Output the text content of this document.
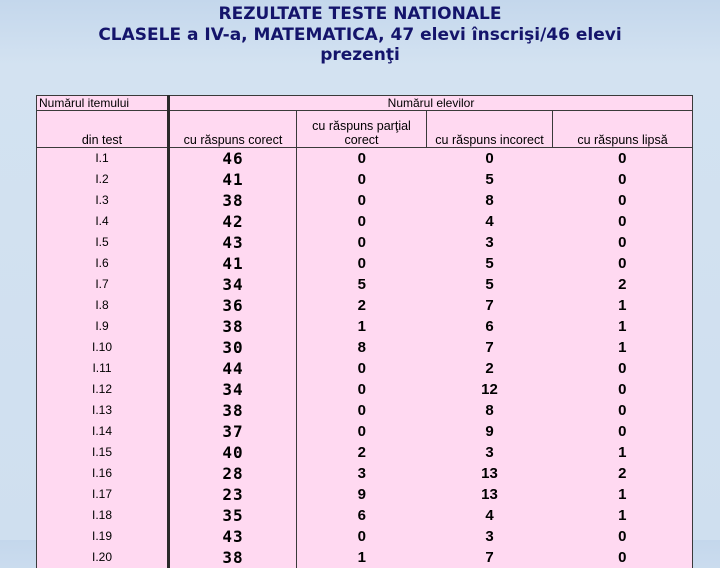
REZULTATE TESTE NATIONALE
CLASELE a IV-a, MATEMATICA, 47 elevi înscrişi/46 elevi
prezenţi
Numărul itemului	Numărul elevilor			
din test	cu răspuns corect	cu răspuns parţial corect	cu răspuns incorect	cu răspuns lipsă
I.1	46	0	0	0
I.2	41	0	5	0
I.3	38	0	8	0
I.4	42	0	4	0
I.5	43	0	3	0
I.6	41	0	5	0
I.7	34	5	5	2
I.8	36	2	7	1
I.9	38	1	6	1
I.10	30	8	7	1
I.11	44	0	2	0
I.12	34	0	12	0
I.13	38	0	8	0
I.14	37	0	9	0
I.15	40	2	3	1
I.16	28	3	13	2
I.17	23	9	13	1
I.18	35	6	4	1
I.19	43	0	3	0
I.20	38	1	7	0
